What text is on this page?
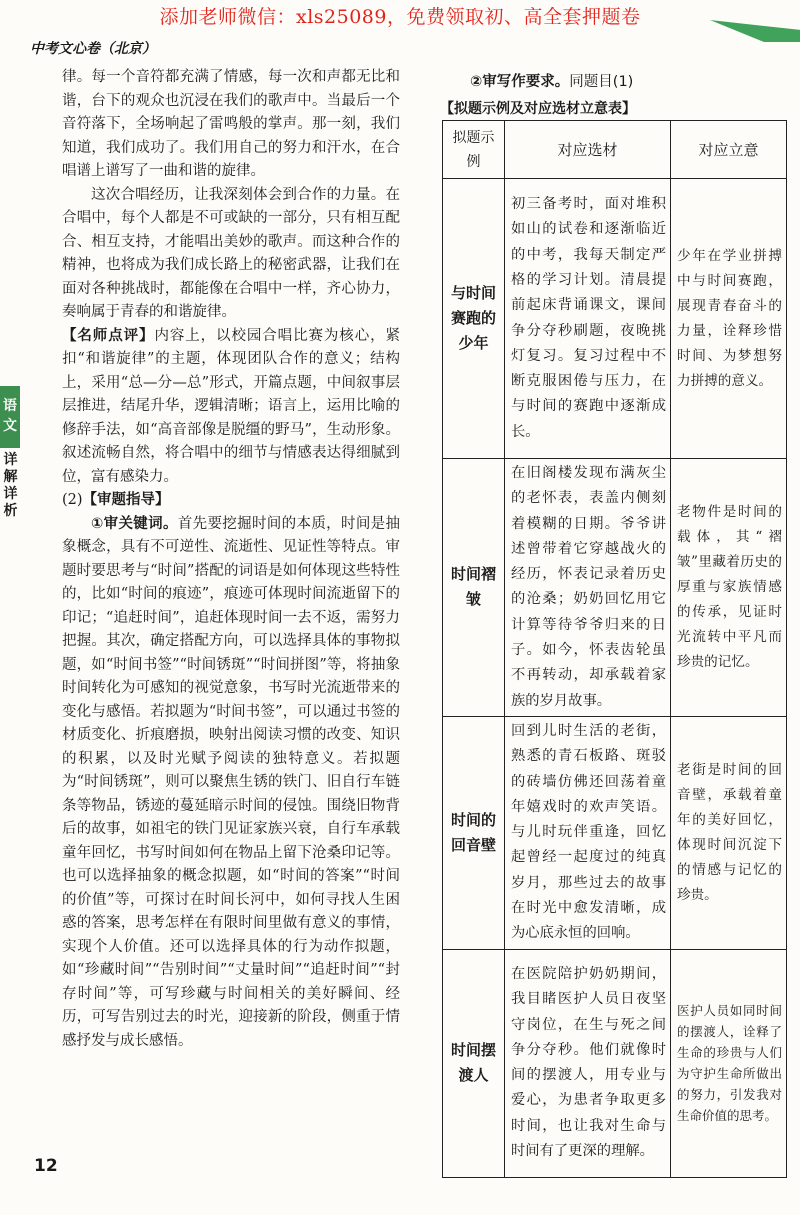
添加老师微信：xls25089，免费领取初、高全套押题卷
中考文心卷（北京）
语文
详解详析

律。每一个音符都充满了情感，每一次和声都无比和谐，台下的观众也沉浸在我们的歌声中。当最后一个音符落下，全场响起了雷鸣般的掌声。那一刻，我们知道，我们成功了。我们用自己的努力和汗水，在合唱谱上谱写了一曲和谐的旋律。

这次合唱经历，让我深刻体会到合作的力量。在合唱中，每个人都是不可或缺的一部分，只有相互配合、相互支持，才能唱出美妙的歌声。而这种合作的精神，也将成为我们成长路上的秘密武器，让我们在面对各种挑战时，都能像在合唱中一样，齐心协力，奏响属于青春的和谐旋律。

【名师点评】内容上，以校园合唱比赛为核心，紧扣“和谐旋律”的主题，体现团队合作的意义；结构上，采用“总—分—总”形式，开篇点题，中间叙事层层推进，结尾升华，逻辑清晰；语言上，运用比喻的修辞手法，如“高音部像是脱缰的野马”，生动形象。叙述流畅自然，将合唱中的细节与情感表达得细腻到位，富有感染力。

(2)【审题指导】

①审关键词。首先要挖掘时间的本质，时间是抽象概念，具有不可逆性、流逝性、见证性等特点。审题时要思考与“时间”搭配的词语是如何体现这些特性的，比如“时间的痕迹”，痕迹可体现时间流逝留下的印记；“追赶时间”，追赶体现时间一去不返，需努力把握。其次，确定搭配方向，可以选择具体的事物拟题，如“时间书签”“时间锈斑”“时间拼图”等，将抽象时间转化为可感知的视觉意象，书写时光流逝带来的变化与感悟。若拟题为“时间书签”，可以通过书签的材质变化、折痕磨损，映射出阅读习惯的改变、知识的积累，以及时光赋予阅读的独特意义。若拟题为“时间锈斑”，则可以聚焦生锈的铁门、旧自行车链条等物品，锈迹的蔓延暗示时间的侵蚀。围绕旧物背后的故事，如祖宅的铁门见证家族兴衰，自行车承载童年回忆，书写时间如何在物品上留下沧桑印记等。也可以选择抽象的概念拟题，如“时间的答案”“时间的价值”等，可探讨在时间长河中，如何寻找人生困惑的答案，思考怎样在有限时间里做有意义的事情，实现个人价值。还可以选择具体的行为动作拟题，如“珍藏时间”“告别时间”“丈量时间”“追赶时间”“封存时间”等，可写珍藏与时间相关的美好瞬间、经历，可写告别过去的时光，迎接新的阶段，侧重于情感抒发与成长感悟。

②审写作要求。同题目(1)
【拟题示例及对应选材立意表】
拟题示例	对应选材	对应立意
与时间赛跑的少年	初三备考时，面对堆积如山的试卷和逐渐临近的中考，我每天制定严格的学习计划。清晨提前起床背诵课文，课间争分夺秒刷题，夜晚挑灯复习。复习过程中不断克服困倦与压力，在与时间的赛跑中逐渐成长。	少年在学业拼搏中与时间赛跑，展现青春奋斗的力量，诠释珍惜时间、为梦想努力拼搏的意义。
时间褶皱	在旧阁楼发现布满灰尘的老怀表，表盖内侧刻着模糊的日期。爷爷讲述曾带着它穿越战火的经历，怀表记录着历史的沧桑；奶奶回忆用它计算等待爷爷归来的日子。如今，怀表齿轮虽不再转动，却承载着家族的岁月故事。	老物件是时间的载体，其“褶皱”里藏着历史的厚重与家族情感的传承，见证时光流转中平凡而珍贵的记忆。
时间的回音壁	回到儿时生活的老街，熟悉的青石板路、斑驳的砖墙仿佛还回荡着童年嬉戏时的欢声笑语。与儿时玩伴重逢，回忆起曾经一起度过的纯真岁月，那些过去的故事在时光中愈发清晰，成为心底永恒的回响。	老街是时间的回音壁，承载着童年的美好回忆，体现时间沉淀下的情感与记忆的珍贵。
时间摆渡人	在医院陪护奶奶期间，我目睹医护人员日夜坚守岗位，在生与死之间争分夺秒。他们就像时间的摆渡人，用专业与爱心，为患者争取更多时间，也让我对生命与时间有了更深的理解。	医护人员如同时间的摆渡人，诠释了生命的珍贵与人们为守护生命所做出的努力，引发我对生命价值的思考。
12
